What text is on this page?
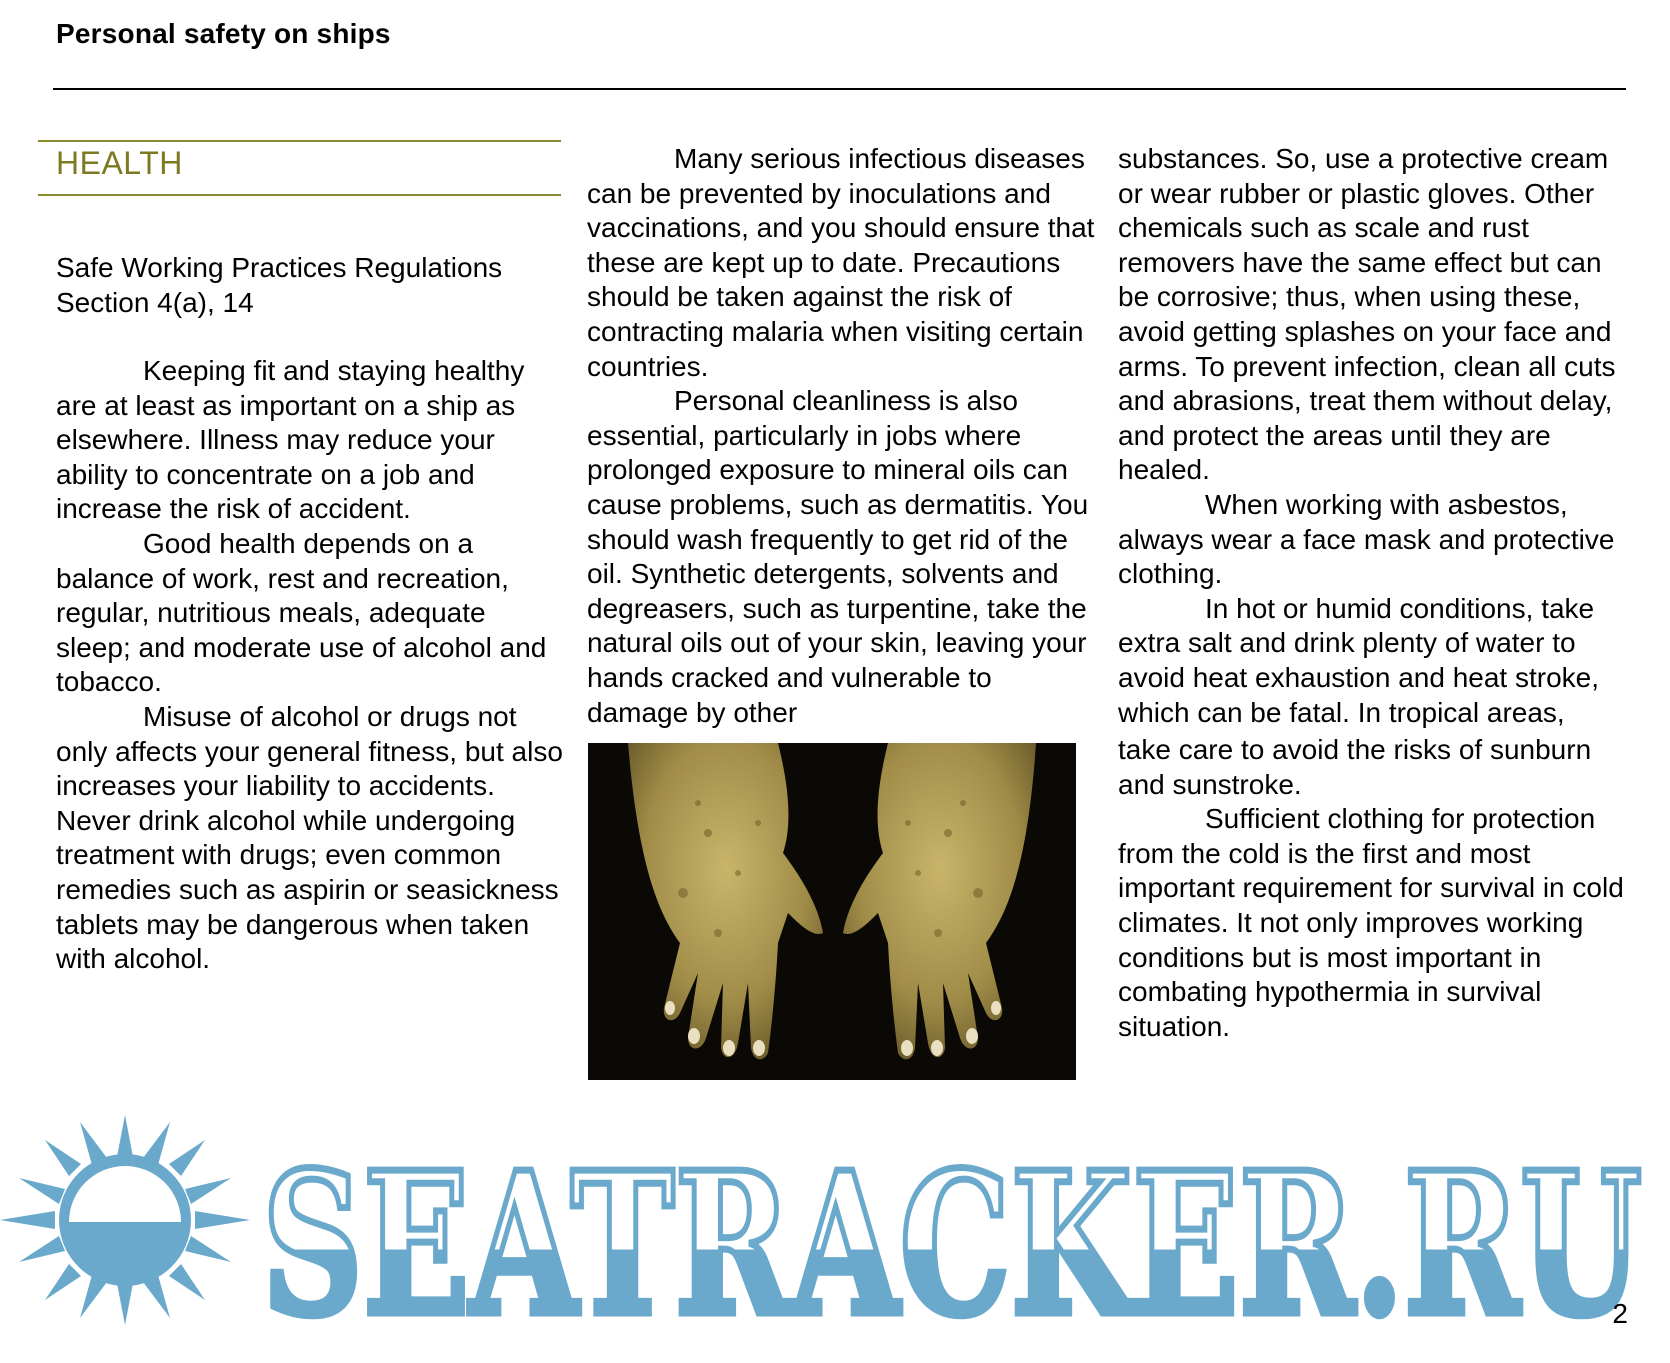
Personal safety on ships
HEALTH
Safe Working Practices Regulations
Section 4(a), 14

Keeping fit and staying healthy are at least as important on a ship as elsewhere. Illness may reduce your ability to concentrate on a job and increase the risk of accident.

Good health depends on a balance of work, rest and recreation, regular, nutritious meals, adequate sleep; and moderate use of alcohol and tobacco.

Misuse of alcohol or drugs not only affects your general fitness, but also increases your liability to accidents. Never drink alcohol while undergoing treatment with drugs; even common remedies such as aspirin or seasickness tablets may be dangerous when taken with alcohol.

Many serious infectious diseases can be prevented by inoculations and vaccinations, and you should ensure that these are kept up to date. Precautions should be taken against the risk of contracting malaria when visiting certain countries.

Personal cleanliness is also essential, particularly in jobs where prolonged exposure to mineral oils can cause problems, such as dermatitis. You should wash frequently to get rid of the oil. Synthetic detergents, solvents and degreasers, such as turpentine, take the natural oils out of your skin, leaving your hands cracked and vulnerable to damage by other

substances. So, use a protective cream or wear rubber or plastic gloves. Other chemicals such as scale and rust removers have the same effect but can be corrosive; thus, when using these, avoid getting splashes on your face and arms. To prevent infection, clean all cuts and abrasions, treat them without delay, and protect the areas until they are healed.

When working with asbestos, always wear a face mask and protective clothing.

In hot or humid conditions, take extra salt and drink plenty of water to avoid heat exhaustion and heat stroke, which can be fatal. In tropical areas,

take care to avoid the risks of sunburn and sunstroke.

Sufficient clothing for protection from the cold is the first and most important requirement for survival in cold climates. It not only improves working conditions but is most important in combating hypothermia in survival situation.

SEATRACKER.RU
2
